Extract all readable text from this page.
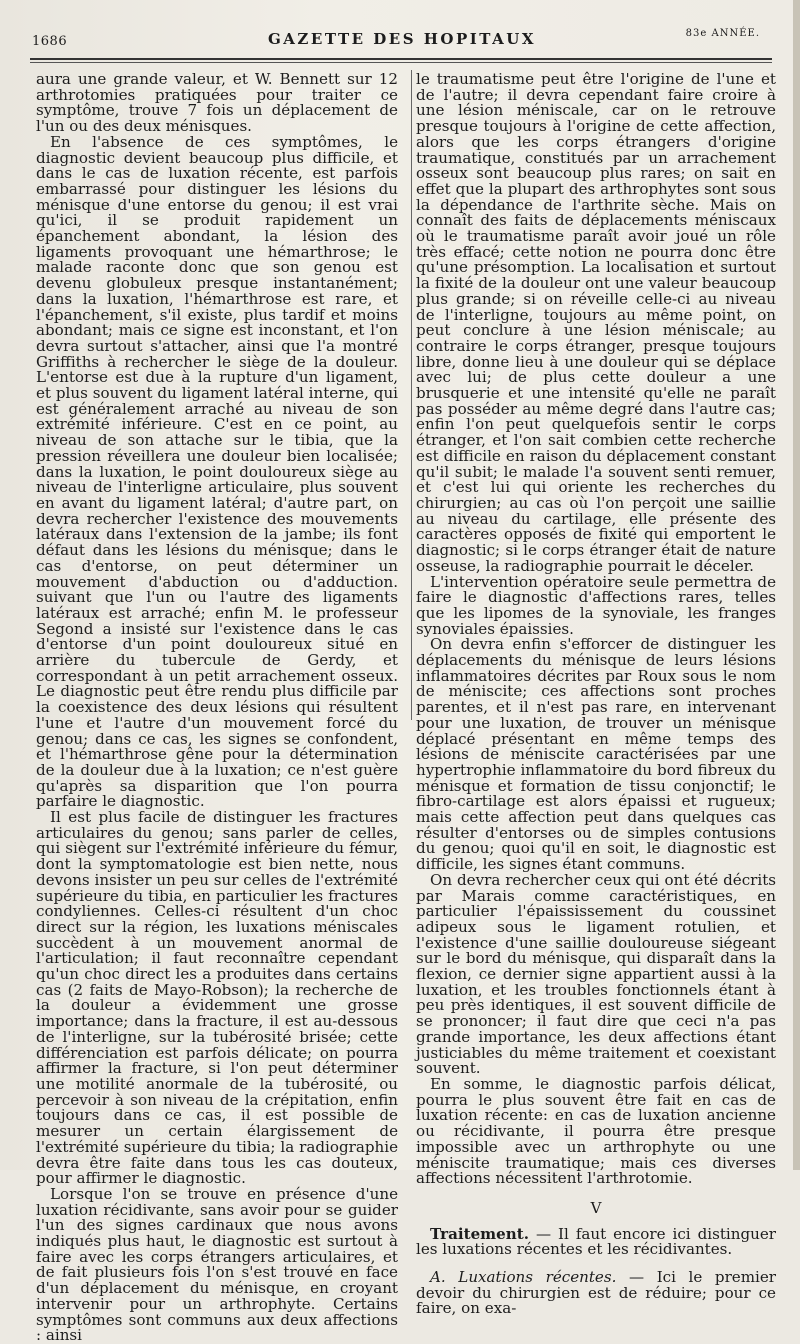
1686	GAZETTE DES HOPITAUX	83e ANNÉE.

aura une grande valeur, et W. Bennett sur 12 arthrotomies pratiquées pour traiter ce symptôme, trouve 7 fois un déplacement de l'un ou des deux ménisques.

En l'absence de ces symptômes, le diagnostic devient beaucoup plus difficile, et dans le cas de luxation récente, est parfois embarrassé pour distinguer les lésions du ménisque d'une entorse du genou; il est vrai qu'ici, il se produit rapidement un épanchement abondant, la lésion des ligaments provoquant une hémarthrose; le malade raconte donc que son genou est devenu globuleux presque instantanément; dans la luxation, l'hémarthrose est rare, et l'épanchement, s'il existe, plus tardif et moins abondant; mais ce signe est inconstant, et l'on devra surtout s'attacher, ainsi que l'a montré Griffiths à rechercher le siège de la douleur. L'entorse est due à la rupture d'un ligament, et plus souvent du ligament latéral interne, qui est généralement arraché au niveau de son extrémité inférieure. C'est en ce point, au niveau de son attache sur le tibia, que la pression réveillera une douleur bien localisée; dans la luxation, le point douloureux siège au niveau de l'interligne articulaire, plus souvent en avant du ligament latéral; d'autre part, on devra rechercher l'existence des mouvements latéraux dans l'extension de la jambe; ils font défaut dans les lésions du ménisque; dans le cas d'entorse, on peut déterminer un mouvement d'abduction ou d'adduction. suivant que l'un ou l'autre des ligaments latéraux est arraché; enfin M. le professeur Segond a insisté sur l'existence dans le cas d'entorse d'un point douloureux situé en arrière du tubercule de Gerdy, et correspondant à un petit arrachement osseux. Le diagnostic peut être rendu plus difficile par la coexistence des deux lésions qui résultent l'une et l'autre d'un mouvement forcé du genou; dans ce cas, les signes se confondent, et l'hémarthrose gêne pour la détermination de la douleur due à la luxation; ce n'est guère qu'après sa disparition que l'on pourra parfaire le diagnostic.

Il est plus facile de distinguer les fractures articulaires du genou; sans parler de celles, qui siègent sur l'extrémité inférieure du fémur, dont la symptomatologie est bien nette, nous devons insister un peu sur celles de l'extrémité supérieure du tibia, en particulier les fractures condyliennes. Celles-ci résultent d'un choc direct sur la région, les luxations méniscales succèdent à un mouvement anormal de l'articulation; il faut reconnaître cependant qu'un choc direct les a produites dans certains cas (2 faits de Mayo-Robson); la recherche de la douleur a évidemment une grosse importance; dans la fracture, il est au-dessous de l'interligne, sur la tubérosité brisée; cette différenciation est parfois délicate; on pourra affirmer la fracture, si l'on peut déterminer une motilité anormale de la tubérosité, ou percevoir à son niveau de la crépitation, enfin toujours dans ce cas, il est possible de mesurer un certain élargissement de l'extrémité supérieure du tibia; la radiographie devra être faite dans tous les cas douteux, pour affirmer le diagnostic.

Lorsque l'on se trouve en présence d'une luxation récidivante, sans avoir pour se guider l'un des signes cardinaux que nous avons indiqués plus haut, le diagnostic est surtout à faire avec les corps étrangers articulaires, et de fait plusieurs fois l'on s'est trouvé en face d'un déplacement du ménisque, en croyant intervenir pour un arthrophyte. Certains symptômes sont communs aux deux affections : ainsi

le traumatisme peut être l'origine de l'une et de l'autre; il devra cependant faire croire à une lésion méniscale, car on le retrouve presque toujours à l'origine de cette affection, alors que les corps étrangers d'origine traumatique, constitués par un arrachement osseux sont beaucoup plus rares; on sait en effet que la plupart des arthrophytes sont sous la dépendance de l'arthrite sèche. Mais on connaît des faits de déplacements méniscaux où le traumatisme paraît avoir joué un rôle très effacé; cette notion ne pourra donc être qu'une présomption. La localisation et surtout la fixité de la douleur ont une valeur beaucoup plus grande; si on réveille celle-ci au niveau de l'interligne, toujours au même point, on peut conclure à une lésion méniscale; au contraire le corps étranger, presque toujours libre, donne lieu à une douleur qui se déplace avec lui; de plus cette douleur a une brusquerie et une intensité qu'elle ne paraît pas posséder au même degré dans l'autre cas; enfin l'on peut quelquefois sentir le corps étranger, et l'on sait combien cette recherche est difficile en raison du déplacement constant qu'il subit; le malade l'a souvent senti remuer, et c'est lui qui oriente les recherches du chirurgien; au cas où l'on perçoit une saillie au niveau du cartilage, elle présente des caractères opposés de fixité qui emportent le diagnostic; si le corps étranger était de nature osseuse, la radiographie pourrait le déceler.

L'intervention opératoire seule permettra de faire le diagnostic d'affections rares, telles que les lipomes de la synoviale, les franges synoviales épaissies.

On devra enfin s'efforcer de distinguer les déplacements du ménisque de leurs lésions inflammatoires décrites par Roux sous le nom de méniscite; ces affections sont proches parentes, et il n'est pas rare, en intervenant pour une luxation, de trouver un ménisque déplacé présentant en même temps des lésions de méniscite caractérisées par une hypertrophie inflammatoire du bord fibreux du ménisque et formation de tissu conjonctif; le fibro-cartilage est alors épaissi et rugueux; mais cette affection peut dans quelques cas résulter d'entorses ou de simples contusions du genou; quoi qu'il en soit, le diagnostic est difficile, les signes étant communs.

On devra rechercher ceux qui ont été décrits par Marais comme caractéristiques, en particulier l'épaississement du coussinet adipeux sous le ligament rotulien, et l'existence d'une saillie douloureuse siégeant sur le bord du ménisque, qui disparaît dans la flexion, ce dernier signe appartient aussi à la luxation, et les troubles fonctionnels étant à peu près identiques, il est souvent difficile de se prononcer; il faut dire que ceci n'a pas grande importance, les deux affections étant justiciables du même traitement et coexistant souvent.

En somme, le diagnostic parfois délicat, pourra le plus souvent être fait en cas de luxation récente: en cas de luxation ancienne ou récidivante, il pourra être presque impossible avec un arthrophyte ou une méniscite traumatique; mais ces diverses affections nécessitent l'arthrotomie.

V

Traitement. — Il faut encore ici distinguer les luxations récentes et les récidivantes.

A. Luxations récentes. — Ici le premier devoir du chirurgien est de réduire; pour ce faire, on exa-
